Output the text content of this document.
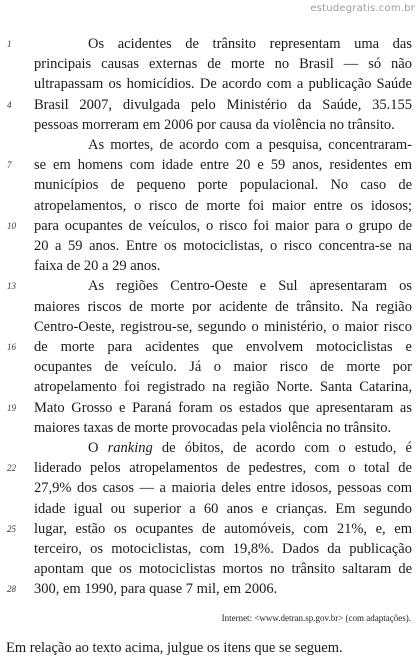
estudegratis.com.br
1	Os acidentes de trânsito representam uma das
principais causas externas de morte no Brasil — só não
ultrapassam os homicídios. De acordo com a publicação Saúde
4	Brasil 2007, divulgada pelo Ministério da Saúde, 35.155
pessoas morreram em 2006 por causa da violência no trânsito.
As mortes, de acordo com a pesquisa, concentraram-
7	se em homens com idade entre 20 e 59 anos, residentes em
municípios de pequeno porte populacional. No caso de
atropelamentos, o risco de morte foi maior entre os idosos;
10	para ocupantes de veículos, o risco foi maior para o grupo de
20 a 59 anos. Entre os motociclistas, o risco concentra-se na
faixa de 20 a 29 anos.
13	As regiões Centro-Oeste e Sul apresentaram os
maiores riscos de morte por acidente de trânsito. Na região
Centro-Oeste, registrou-se, segundo o ministério, o maior risco
16	de morte para acidentes que envolvem motociclistas e
ocupantes de veículo. Já o maior risco de morte por
atropelamento foi registrado na região Norte. Santa Catarina,
19	Mato Grosso e Paraná foram os estados que apresentaram as
maiores taxas de morte provocadas pela violência no trânsito.
O ranking de óbitos, de acordo com o estudo, é
22	liderado pelos atropelamentos de pedestres, com o total de
27,9% dos casos — a maioria deles entre idosos, pessoas com
idade igual ou superior a 60 anos e crianças. Em segundo
25	lugar, estão os ocupantes de automóveis, com 21%, e, em
terceiro, os motociclistas, com 19,8%. Dados da publicação
apontam que os motociclistas mortos no trânsito saltaram de
28	300, em 1990, para quase 7 mil, em 2006.
Internet: <www.detran.sp.gov.br> (com adaptações).
Em relação ao texto acima, julgue os itens que se seguem.
